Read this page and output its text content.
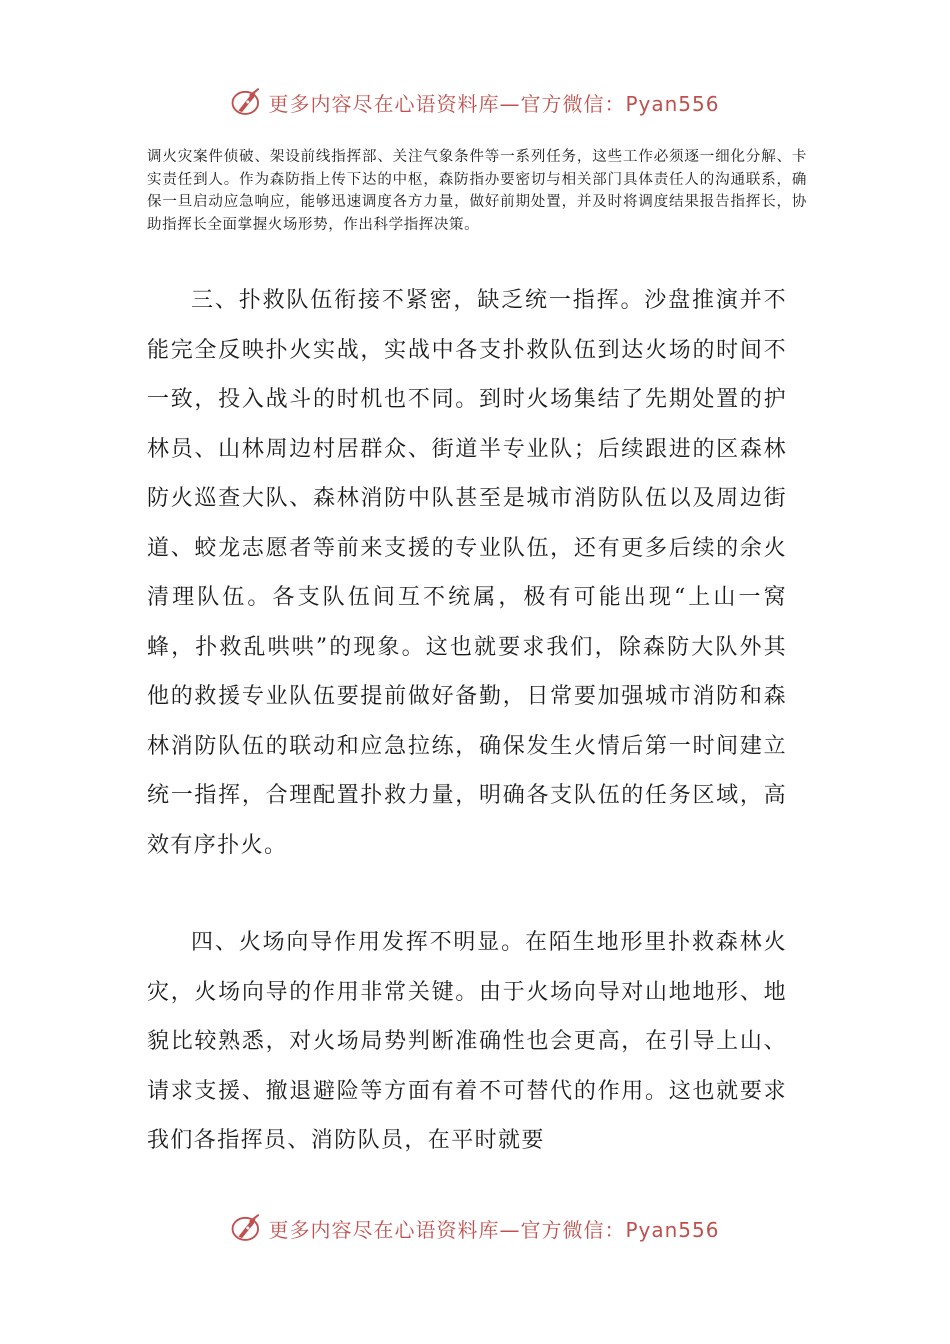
更多内容尽在心语资料库—官方微信：Pyan556

调火灾案件侦破、架设前线指挥部、关注气象条件等一系列任务，这些工作必须逐一细化分解、卡实责任到人。作为森防指上传下达的中枢，森防指办要密切与相关部门具体责任人的沟通联系，确保一旦启动应急响应，能够迅速调度各方力量，做好前期处置，并及时将调度结果报告指挥长，协助指挥长全面掌握火场形势，作出科学指挥决策。

三、扑救队伍衔接不紧密，缺乏统一指挥。沙盘推演并不能完全反映扑火实战，实战中各支扑救队伍到达火场的时间不一致，投入战斗的时机也不同。到时火场集结了先期处置的护林员、山林周边村居群众、街道半专业队；后续跟进的区森林防火巡查大队、森林消防中队甚至是城市消防队伍以及周边街道、蛟龙志愿者等前来支援的专业队伍，还有更多后续的余火清理队伍。各支队伍间互不统属，极有可能出现“上山一窝蜂，扑救乱哄哄”的现象。这也就要求我们，除森防大队外其他的救援专业队伍要提前做好备勤，日常要加强城市消防和森林消防队伍的联动和应急拉练，确保发生火情后第一时间建立统一指挥，合理配置扑救力量，明确各支队伍的任务区域，高效有序扑火。

四、火场向导作用发挥不明显。在陌生地形里扑救森林火灾，火场向导的作用非常关键。由于火场向导对山地地形、地貌比较熟悉，对火场局势判断准确性也会更高，在引导上山、请求支援、撤退避险等方面有着不可替代的作用。这也就要求我们各指挥员、消防队员，在平时就要

更多内容尽在心语资料库—官方微信：Pyan556
